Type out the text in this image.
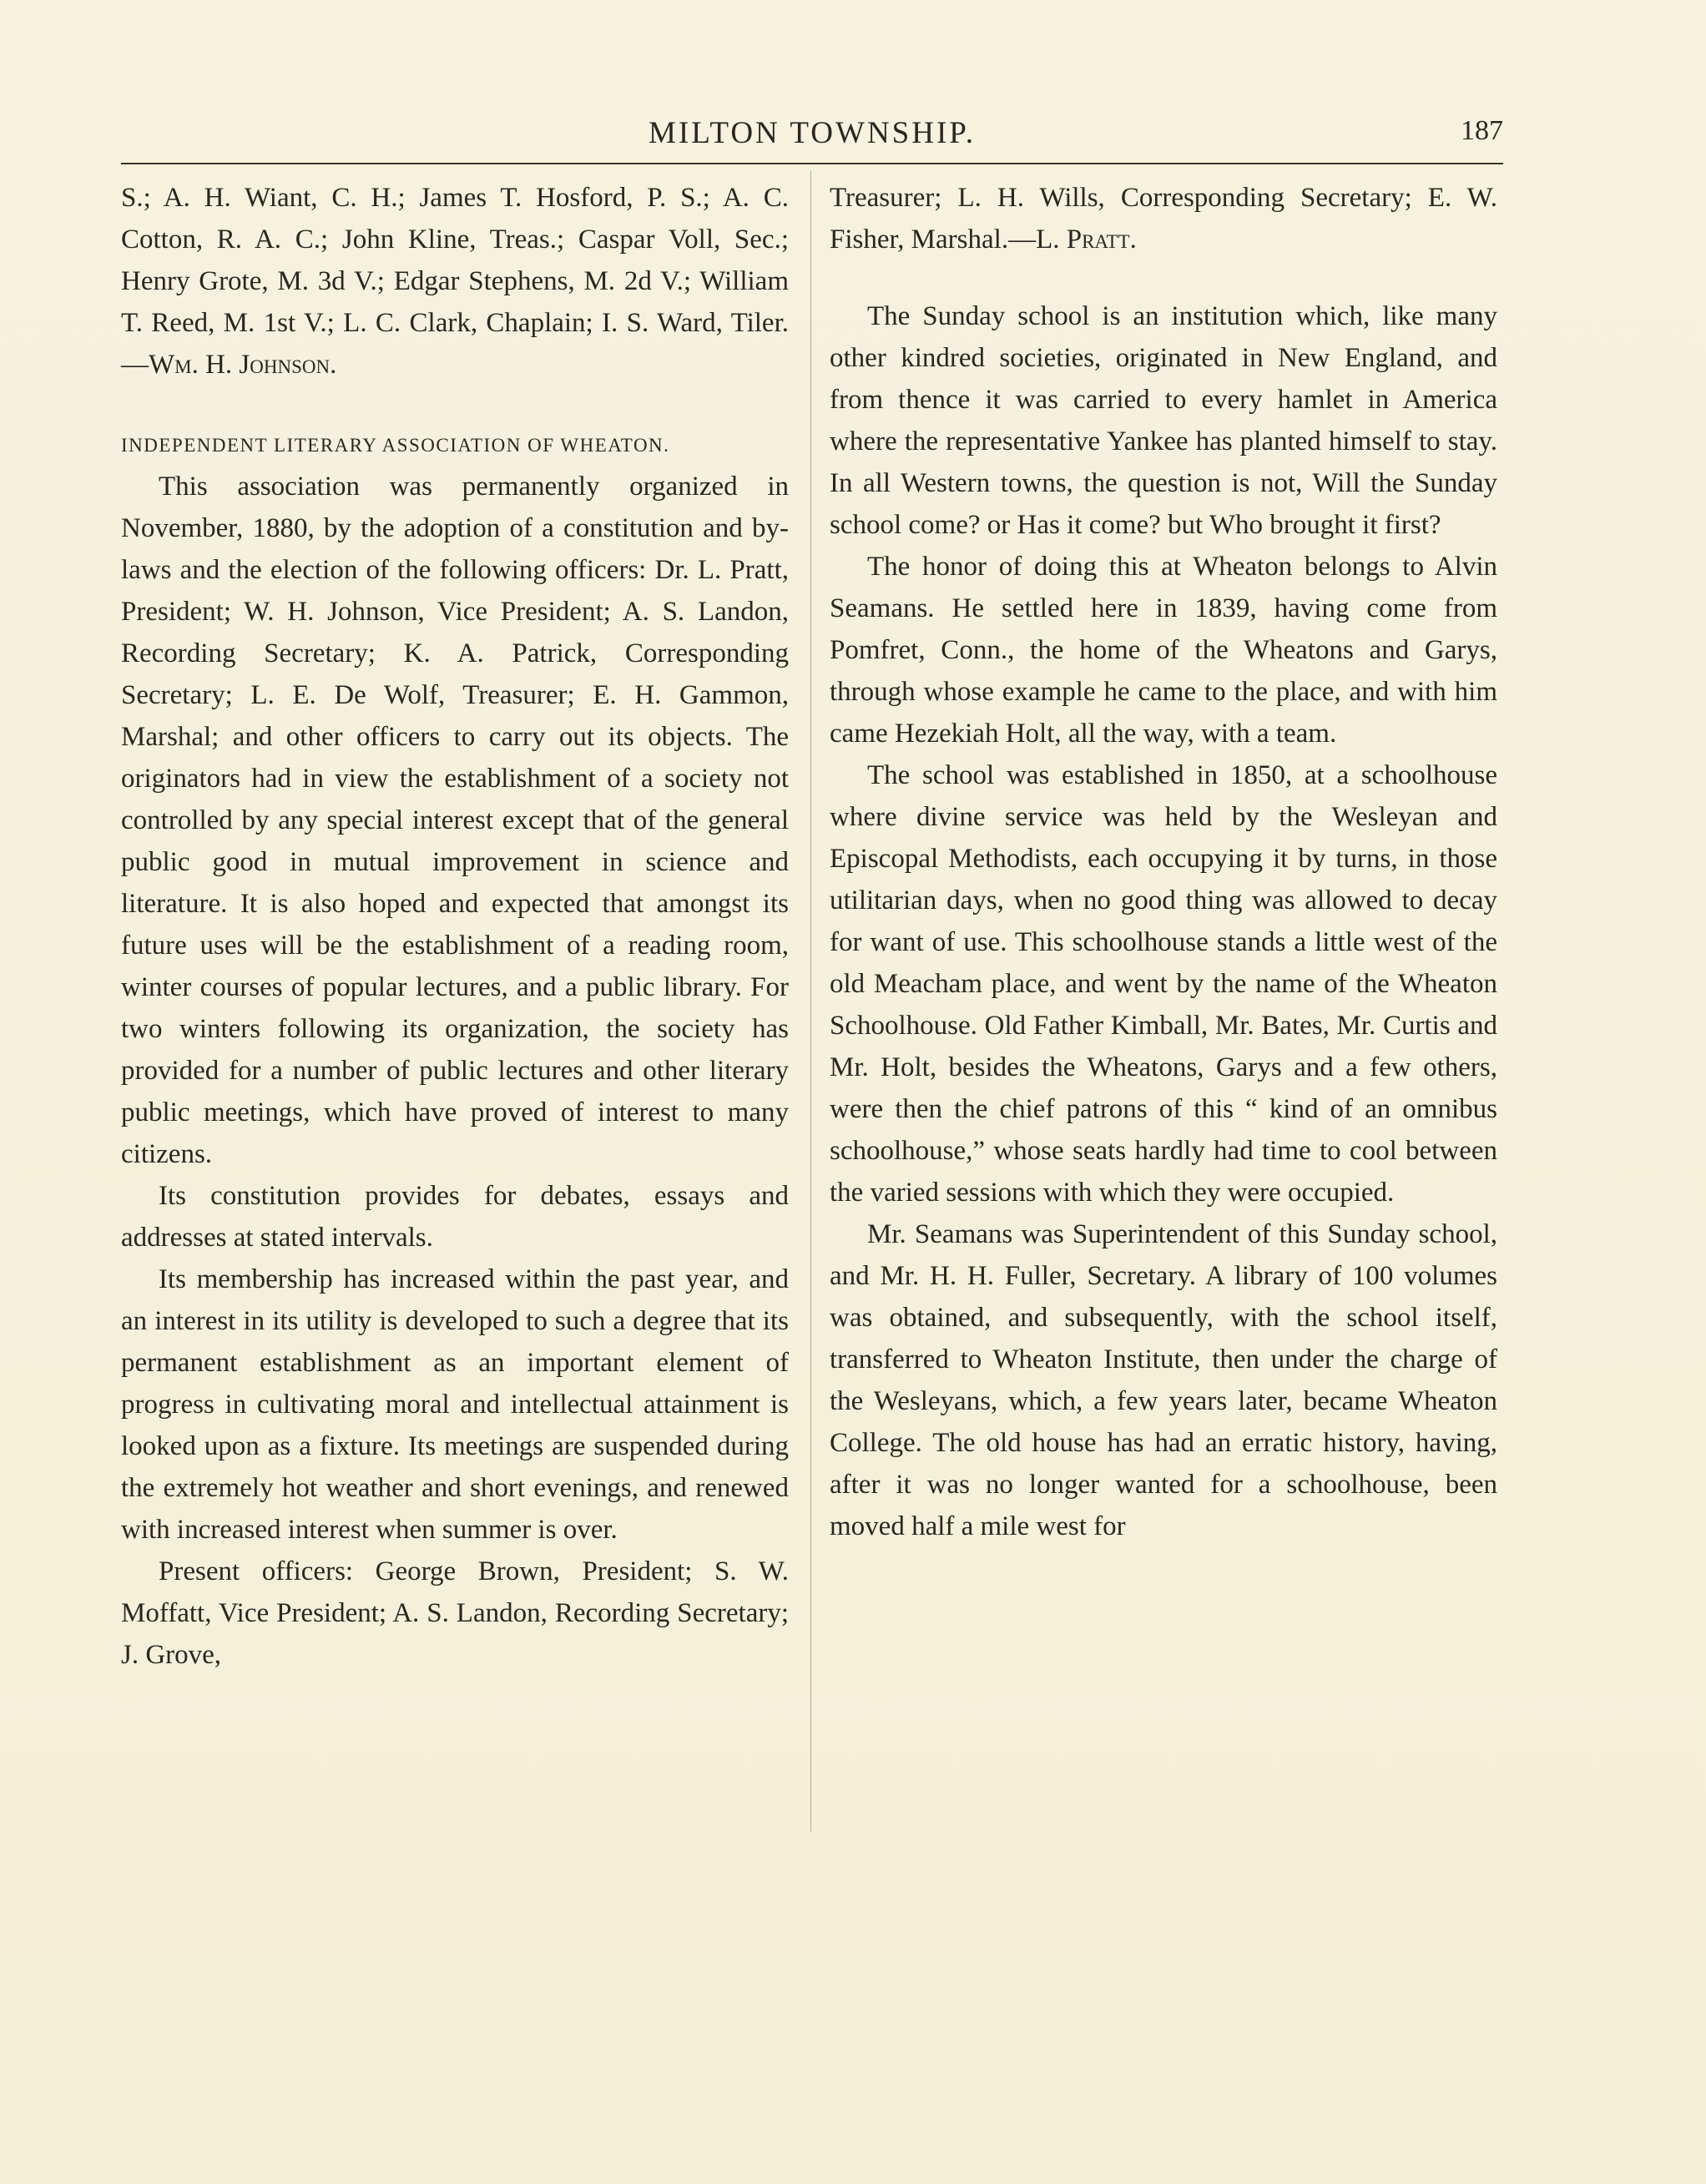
MILTON TOWNSHIP.	187

S.; A. H. Wiant, C. H.; James T. Hosford, P. S.; A. C. Cotton, R. A. C.; John Kline, Treas.; Caspar Voll, Sec.; Henry Grote, M. 3d V.; Edgar Stephens, M. 2d V.; William T. Reed, M. 1st V.; L. C. Clark, Chaplain; I. S. Ward, Tiler.—Wm. H. Johnson.

INDEPENDENT LITERARY ASSOCIATION OF WHEATON.

This association was permanently organized in November, 1880, by the adoption of a constitution and by-laws and the election of the following officers: Dr. L. Pratt, President; W. H. Johnson, Vice President; A. S. Landon, Recording Secretary; K. A. Patrick, Corresponding Secretary; L. E. De Wolf, Treasurer; E. H. Gammon, Marshal; and other officers to carry out its objects. The originators had in view the establishment of a society not controlled by any special interest except that of the general public good in mutual improvement in science and literature. It is also hoped and expected that amongst its future uses will be the establishment of a reading room, winter courses of popular lectures, and a public library. For two winters following its organization, the society has provided for a number of public lectures and other literary public meetings, which have proved of interest to many citizens.

Its constitution provides for debates, essays and addresses at stated intervals.

Its membership has increased within the past year, and an interest in its utility is developed to such a degree that its permanent establishment as an important element of progress in cultivating moral and intellectual attainment is looked upon as a fixture. Its meetings are suspended during the extremely hot weather and short evenings, and renewed with increased interest when summer is over.

Present officers: George Brown, President; S. W. Moffatt, Vice President; A. S. Landon, Recording Secretary; J. Grove,

Treasurer; L. H. Wills, Corresponding Secretary; E. W. Fisher, Marshal.—L. Pratt.

The Sunday school is an institution which, like many other kindred societies, originated in New England, and from thence it was carried to every hamlet in America where the representative Yankee has planted himself to stay. In all Western towns, the question is not, Will the Sunday school come? or Has it come? but Who brought it first?

The honor of doing this at Wheaton belongs to Alvin Seamans. He settled here in 1839, having come from Pomfret, Conn., the home of the Wheatons and Garys, through whose example he came to the place, and with him came Hezekiah Holt, all the way, with a team.

The school was established in 1850, at a schoolhouse where divine service was held by the Wesleyan and Episcopal Methodists, each occupying it by turns, in those utilitarian days, when no good thing was allowed to decay for want of use. This schoolhouse stands a little west of the old Meacham place, and went by the name of the Wheaton Schoolhouse. Old Father Kimball, Mr. Bates, Mr. Curtis and Mr. Holt, besides the Wheatons, Garys and a few others, were then the chief patrons of this “ kind of an omnibus schoolhouse,” whose seats hardly had time to cool between the varied sessions with which they were occupied.

Mr. Seamans was Superintendent of this Sunday school, and Mr. H. H. Fuller, Secretary. A library of 100 volumes was obtained, and subsequently, with the school itself, transferred to Wheaton Institute, then under the charge of the Wesleyans, which, a few years later, became Wheaton College. The old house has had an erratic history, having, after it was no longer wanted for a schoolhouse, been moved half a mile west for
